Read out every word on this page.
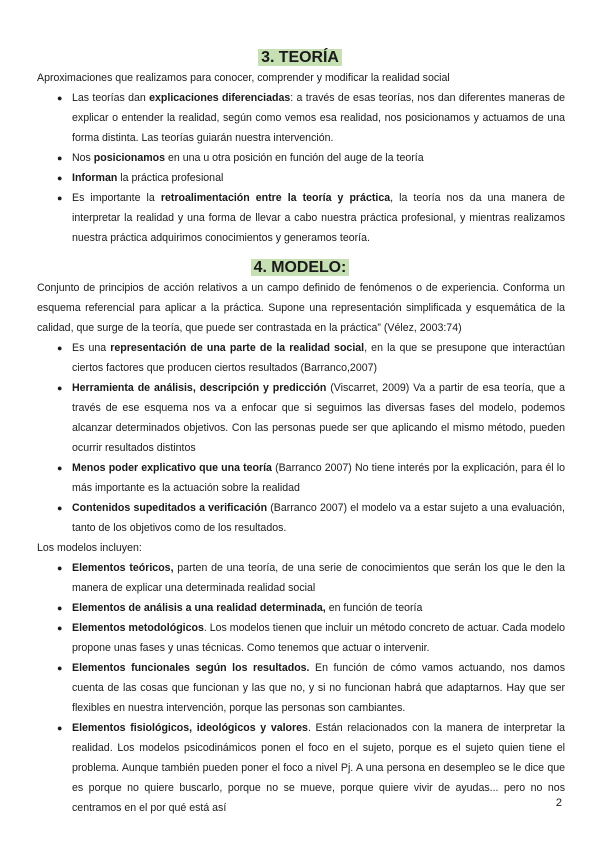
3. TEORÍA

Aproximaciones que realizamos para conocer, comprender y modificar la realidad social

● Las teorías dan explicaciones diferenciadas: a través de esas teorías, nos dan diferentes maneras de explicar o entender la realidad, según como vemos esa realidad, nos posicionamos y actuamos de una forma distinta. Las teorías guiarán nuestra intervención.
● Nos posicionamos en una u otra posición en función del auge de la teoría
● Informan la práctica profesional
● Es importante la retroalimentación entre la teoría y práctica, la teoría nos da una manera de interpretar la realidad y una forma de llevar a cabo nuestra práctica profesional, y mientras realizamos nuestra práctica adquirimos conocimientos y generamos teoría.
4. MODELO:

Conjunto de principios de acción relativos a un campo definido de fenómenos o de experiencia. Conforma un esquema referencial para aplicar a la práctica. Supone una representación simplificada y esquemática de la calidad, que surge de la teoría, que puede ser contrastada en la práctica” (Vélez, 2003:74)

● Es una representación de una parte de la realidad social, en la que se presupone que interactúan ciertos factores que producen ciertos resultados (Barranco,2007)
● Herramienta de análisis, descripción y predicción (Viscarret, 2009) Va a partir de esa teoría, que a través de ese esquema nos va a enfocar que si seguimos las diversas fases del modelo, podemos alcanzar determinados objetivos. Con las personas puede ser que aplicando el mismo método, pueden ocurrir resultados distintos
● Menos poder explicativo que una teoría (Barranco 2007) No tiene interés por la explicación, para él lo más importante es la actuación sobre la realidad
● Contenidos supeditados a verificación (Barranco 2007) el modelo va a estar sujeto a una evaluación, tanto de los objetivos como de los resultados.

Los modelos incluyen:

● Elementos teóricos, parten de una teoría, de una serie de conocimientos que serán los que le den la manera de explicar una determinada realidad social
● Elementos de análisis a una realidad determinada, en función de teoría
● Elementos metodológicos. Los modelos tienen que incluir un método concreto de actuar. Cada modelo propone unas fases y unas técnicas. Como tenemos que actuar o intervenir.
● Elementos funcionales según los resultados. En función de cómo vamos actuando, nos damos cuenta de las cosas que funcionan y las que no, y si no funcionan habrá que adaptarnos. Hay que ser flexibles en nuestra intervención, porque las personas son cambiantes.
● Elementos fisiológicos, ideológicos y valores. Están relacionados con la manera de interpretar la realidad. Los modelos psicodinámicos ponen el foco en el sujeto, porque es el sujeto quien tiene el problema. Aunque también pueden poner el foco a nivel Pj. A una persona en desempleo se le dice que es porque no quiere buscarlo, porque no se mueve, porque quiere vivir de ayudas... pero no nos centramos en el por qué está así	2
